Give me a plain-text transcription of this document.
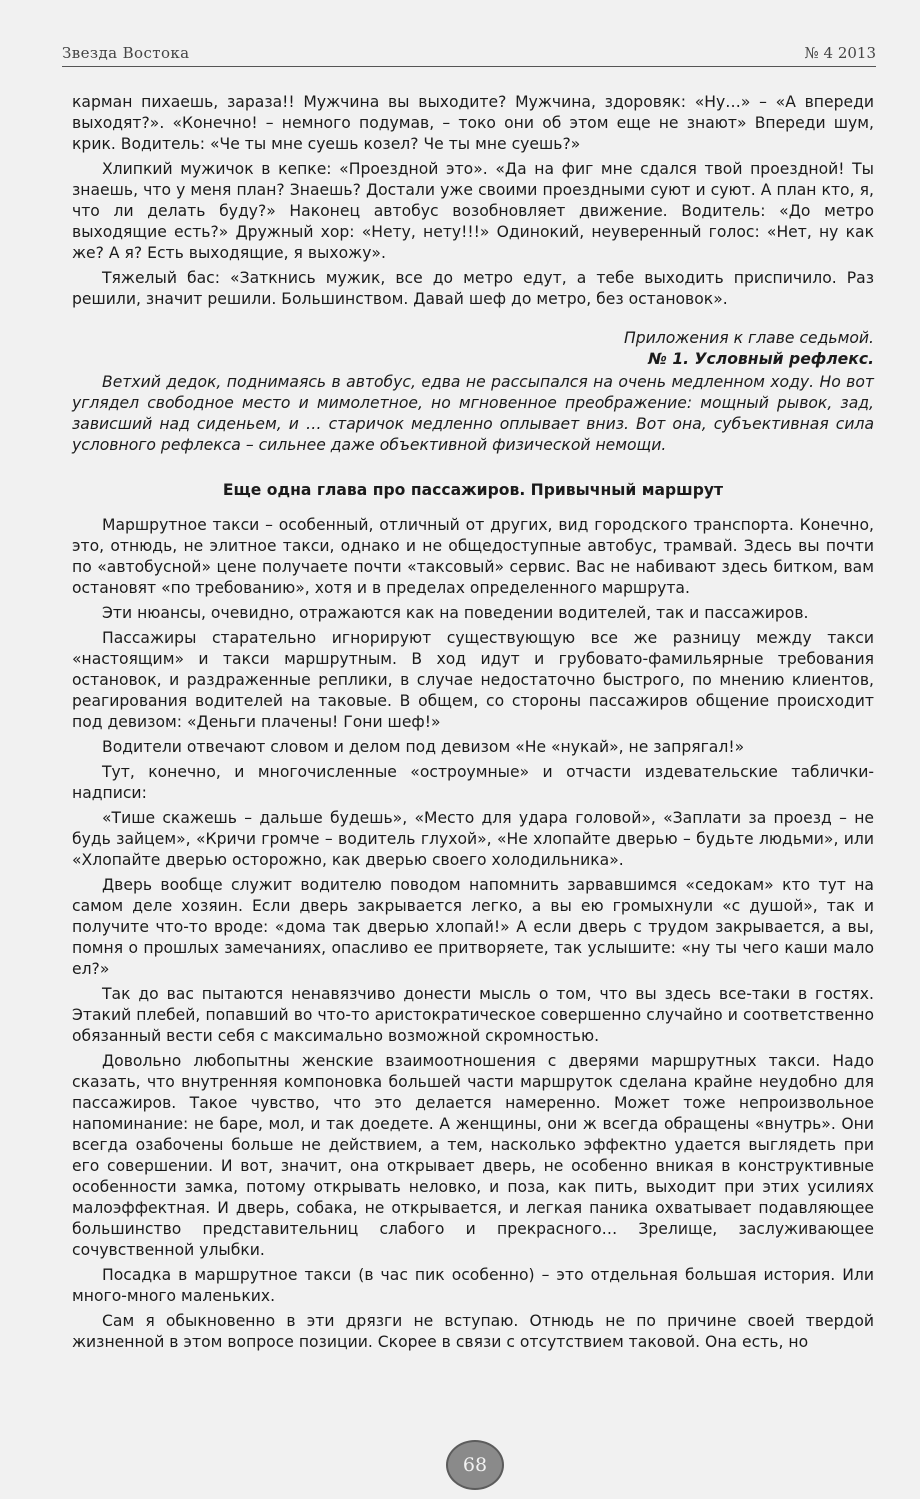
Звезда Востока	№ 4 2013

карман пихаешь, зараза!! Мужчина вы выходите? Мужчина, здоровяк: «Ну…» – «А впереди выходят?». «Конечно! – немного подумав, – токо они об этом еще не знают» Впереди шум, крик. Водитель: «Че ты мне суешь козел? Че ты мне суешь?»

Хлипкий мужичок в кепке: «Проездной это». «Да на фиг мне сдался твой проездной! Ты знаешь, что у меня план? Знаешь? Достали уже своими проездными суют и суют. А план кто, я, что ли делать буду?» Наконец автобус возобновляет движение. Водитель: «До метро выходящие есть?» Дружный хор: «Нету, нету!!!» Одинокий, неуверенный голос: «Нет, ну как же? А я? Есть выходящие, я выхожу».

Тяжелый бас: «Заткнись мужик, все до метро едут, а тебе выходить приспичило. Раз решили, значит решили. Большинством. Давай шеф до метро, без остановок».

Приложения к главе седьмой.
№ 1. Условный рефлекс.

Ветхий дедок, поднимаясь в автобус, едва не рассыпался на очень медленном ходу. Но вот углядел свободное место и мимолетное, но мгновенное преображение: мощный рывок, зад, зависший над сиденьем, и … старичок медленно оплывает вниз. Вот она, субъективная сила условного рефлекса – сильнее даже объективной физической немощи.

Еще одна глава про пассажиров. Привычный маршрут

Маршрутное такси – особенный, отличный от других, вид городского транспорта. Конечно, это, отнюдь, не элитное такси, однако и не общедоступные автобус, трамвай. Здесь вы почти по «автобусной» цене получаете почти «таксовый» сервис. Вас не набивают здесь битком, вам остановят «по требованию», хотя и в пределах определенного маршрута.

Эти нюансы, очевидно, отражаются как на поведении водителей, так и пассажиров.

Пассажиры старательно игнорируют существующую все же разницу между такси «настоящим» и такси маршрутным. В ход идут и грубовато-фамильярные требования остановок, и раздраженные реплики, в случае недостаточно быстрого, по мнению клиентов, реагирования водителей на таковые. В общем, со стороны пассажиров общение происходит под девизом: «Деньги плачены! Гони шеф!»

Водители отвечают словом и делом под девизом «Не «нукай», не запрягал!»

Тут, конечно, и многочисленные «остроумные» и отчасти издевательские таблички-надписи:

«Тише скажешь – дальше будешь», «Место для удара головой», «Заплати за проезд – не будь зайцем», «Кричи громче – водитель глухой», «Не хлопайте дверью – будьте людьми», или «Хлопайте дверью осторожно, как дверью своего холодильника».

Дверь вообще служит водителю поводом напомнить зарвавшимся «седокам» кто тут на самом деле хозяин. Если дверь закрывается легко, а вы ею громыхнули «с душой», так и получите что-то вроде: «дома так дверью хлопай!» А если дверь с трудом закрывается, а вы, помня о прошлых замечаниях, опасливо ее притворяете, так услышите: «ну ты чего каши мало ел?»

Так до вас пытаются ненавязчиво донести мысль о том, что вы здесь все-таки в гостях. Этакий плебей, попавший во что-то аристократическое совершенно случайно и соответственно обязанный вести себя с максимально возможной скромностью.

Довольно любопытны женские взаимоотношения с дверями маршрутных такси. Надо сказать, что внутренняя компоновка большей части маршруток сделана крайне неудобно для пассажиров. Такое чувство, что это делается намеренно. Может тоже непроизвольное напоминание: не баре, мол, и так доедете. А женщины, они ж всегда обращены «внутрь». Они всегда озабочены больше не действием, а тем, насколько эффектно удается выглядеть при его совершении. И вот, значит, она открывает дверь, не особенно вникая в конструктивные особенности замка, потому открывать неловко, и поза, как пить, выходит при этих усилиях малоэффектная. И дверь, собака, не открывается, и легкая паника охватывает подавляющее большинство представительниц слабого и прекрасного… Зрелище, заслуживающее сочувственной улыбки.

Посадка в маршрутное такси (в час пик особенно) – это отдельная большая история. Или много-много маленьких.

Сам я обыкновенно в эти дрязги не вступаю. Отнюдь не по причине своей твердой жизненной в этом вопросе позиции. Скорее в связи с отсутствием таковой. Она есть, но

68
